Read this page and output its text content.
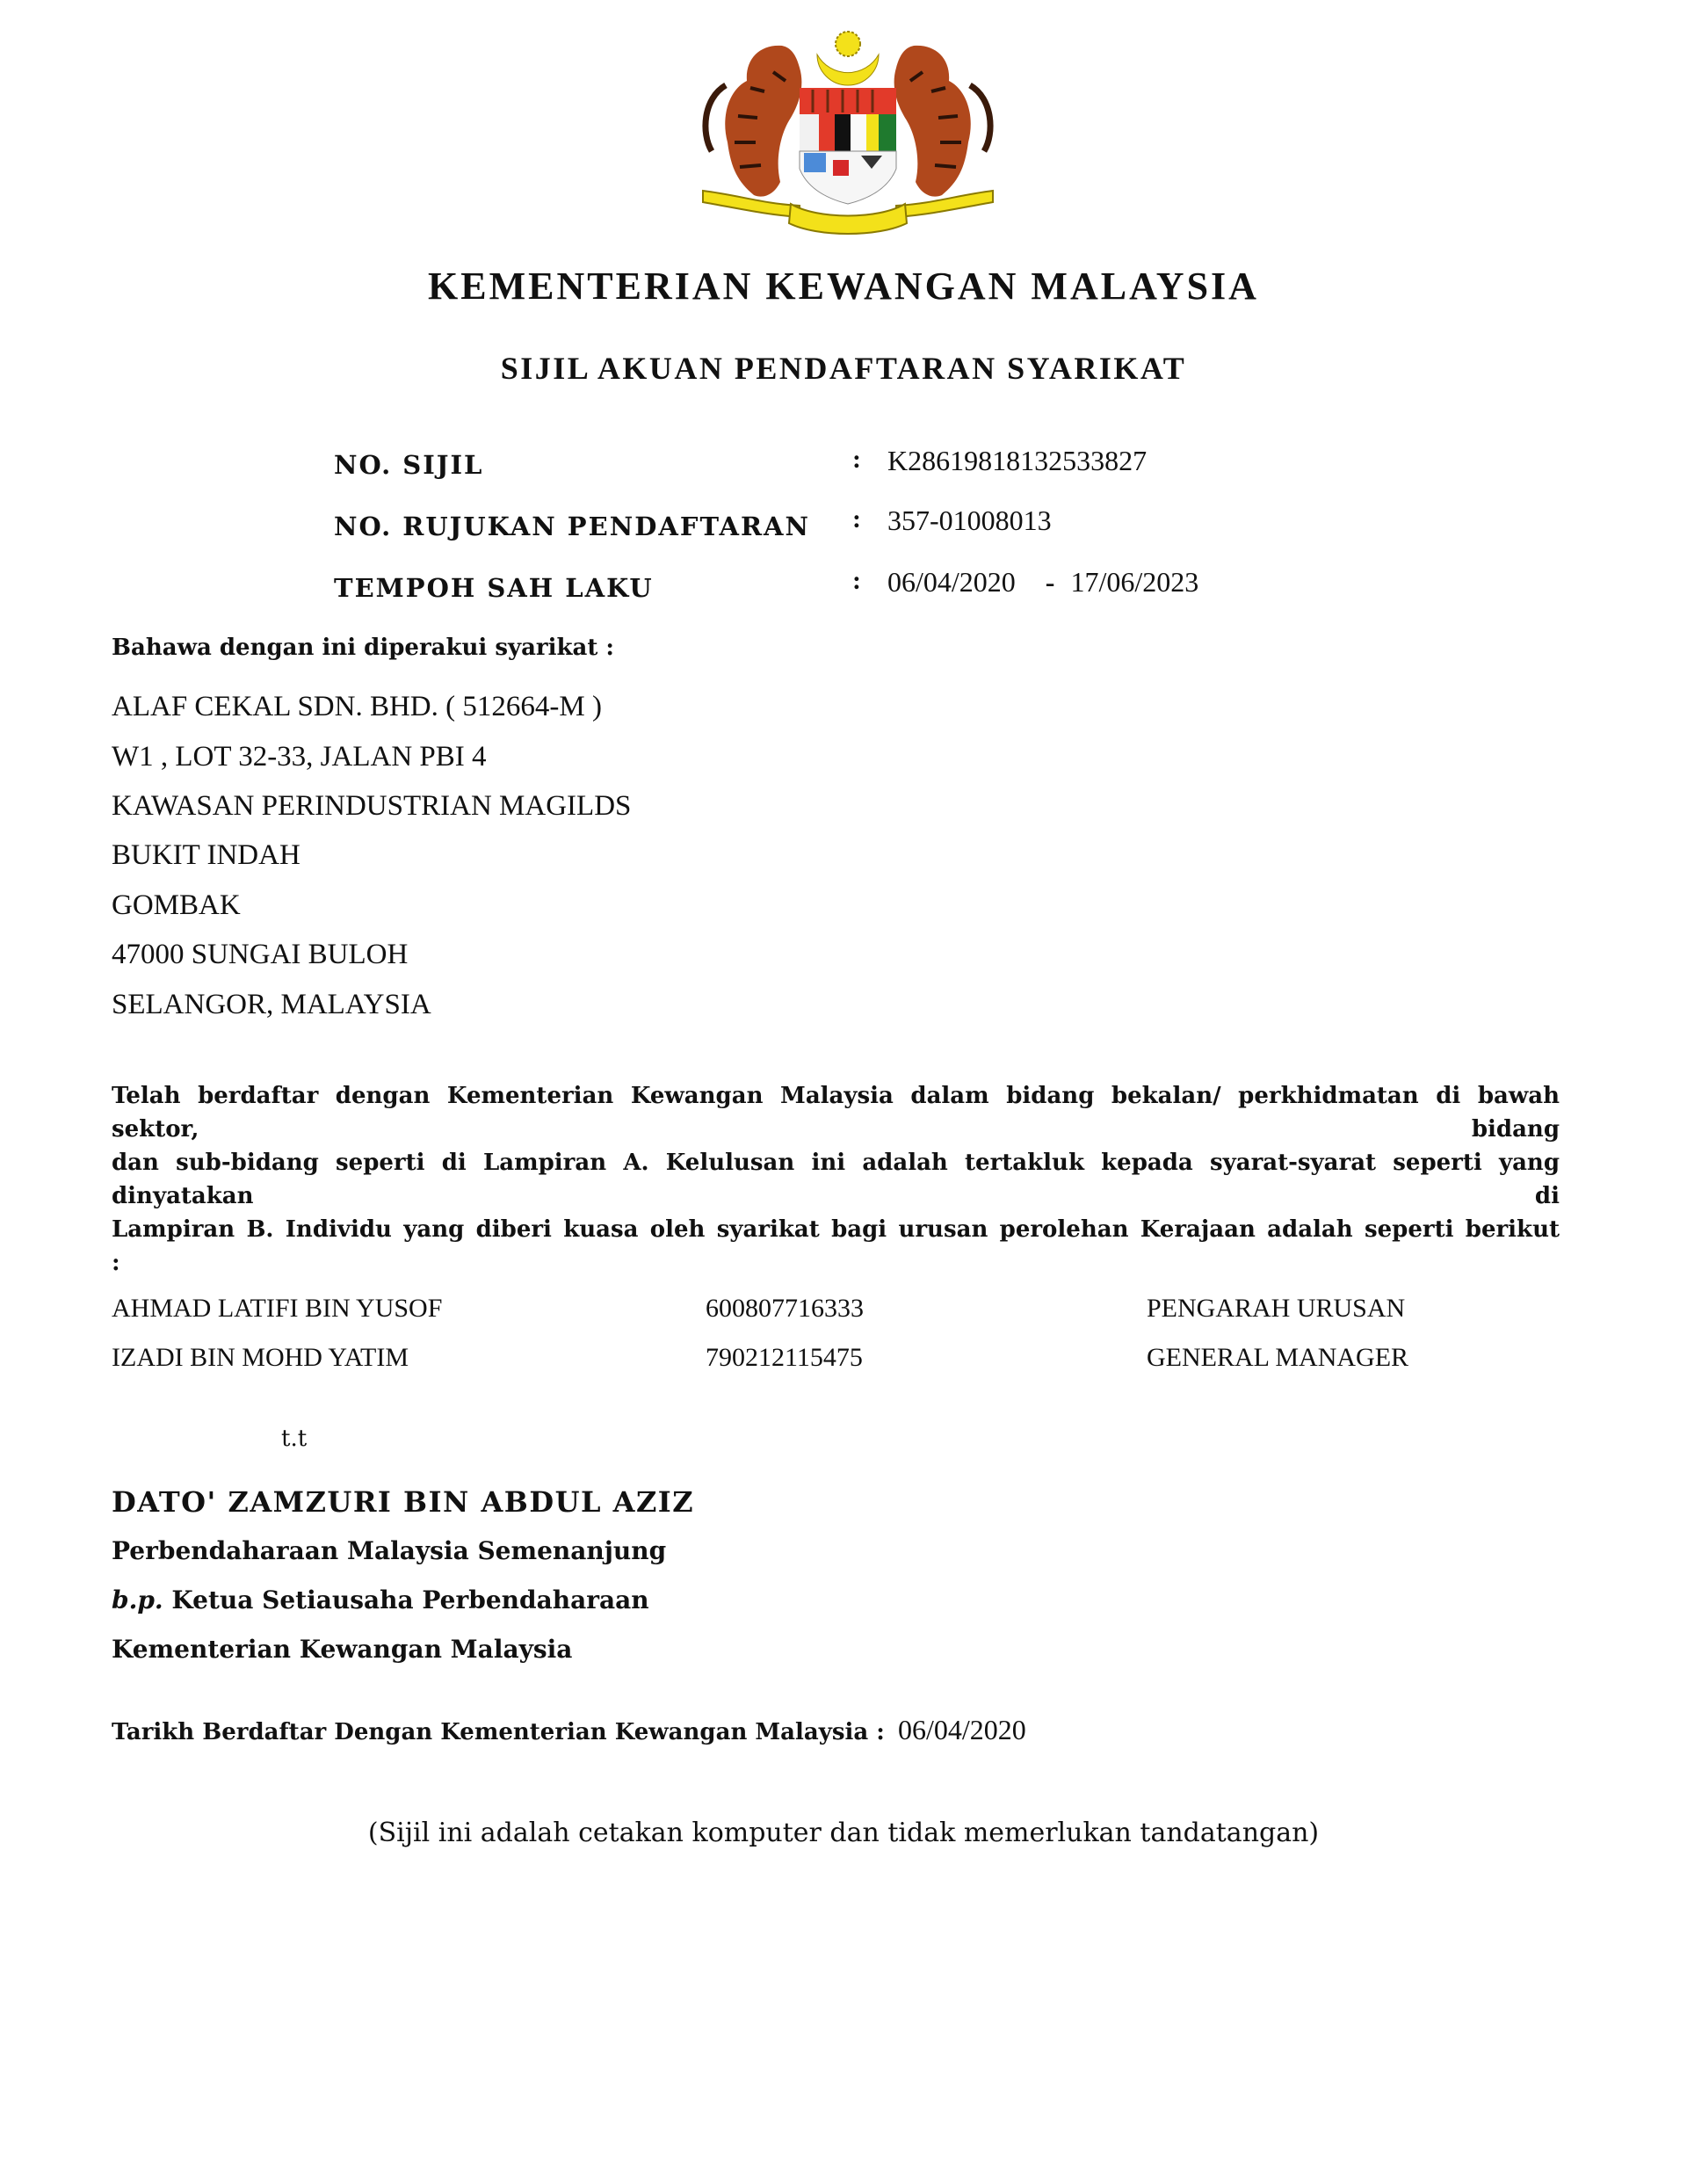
KEMENTERIAN KEWANGAN MALAYSIA
SIJIL AKUAN PENDAFTARAN SYARIKAT
NO. SIJIL	: K28619818132533827
NO. RUJUKAN PENDAFTARAN : 357-01008013
TEMPOH SAH LAKU	: 06/04/2020 - 17/06/2023
Bahawa dengan ini diperakui syarikat :
ALAF CEKAL SDN. BHD. ( 512664-M )
W1 , LOT 32-33, JALAN PBI 4
KAWASAN PERINDUSTRIAN MAGILDS
BUKIT INDAH
GOMBAK
47000 SUNGAI BULOH
SELANGOR, MALAYSIA
Telah berdaftar dengan Kementerian Kewangan Malaysia dalam bidang bekalan/ perkhidmatan di bawah sektor, bidang
dan sub-bidang seperti di Lampiran A. Kelulusan ini adalah tertakluk kepada syarat-syarat seperti yang dinyatakan di
Lampiran B. Individu yang diberi kuasa oleh syarikat bagi urusan perolehan Kerajaan adalah seperti berikut :
AHMAD LATIFI BIN YUSOF	600807716333	PENGARAH URUSAN
IZADI BIN MOHD YATIM	790212115475	GENERAL MANAGER
t.t
DATO' ZAMZURI BIN ABDUL AZIZ
Perbendaharaan Malaysia Semenanjung
b.p. Ketua Setiausaha Perbendaharaan
Kementerian Kewangan Malaysia
Tarikh Berdaftar Dengan Kementerian Kewangan Malaysia : 06/04/2020
(Sijil ini adalah cetakan komputer dan tidak memerlukan tandatangan)
